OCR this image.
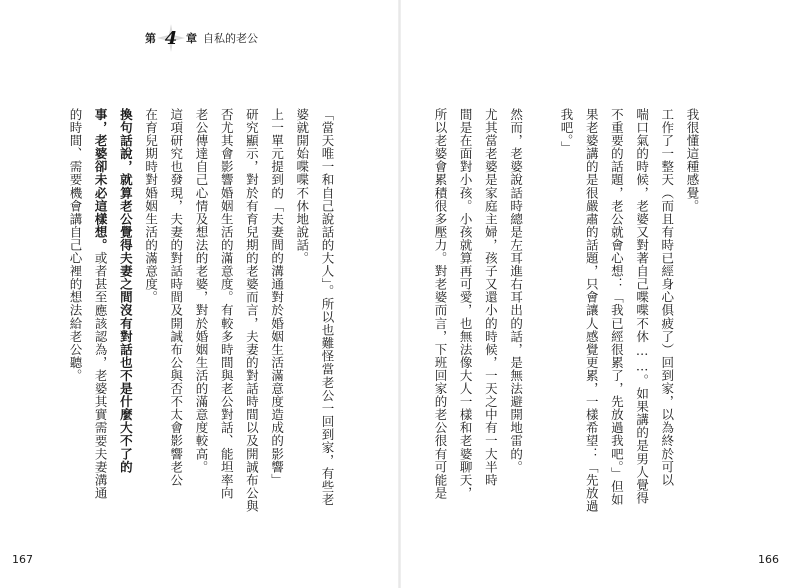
第 4 章 自私的老公

我很懂這種感覺。

工作了一整天（而且有時已經身心俱疲了）回到家，以為終於可以

喘口氣的時候，老婆又對著自己喋喋不休……。如果講的是男人覺得

不重要的話題，老公就會心想：「我已經很累了，先放過我吧。」但如

果老婆講的是很嚴肅的話題，只會讓人感覺更累，一樣希望：「先放過

我吧。」

然而，老婆說話時總是左耳進右耳出的話，是無法避開地雷的。

尤其當老婆是家庭主婦，孩子又還小的時候，一天之中有一大半時

間是在面對小孩。小孩就算再可愛，也無法像大人一樣和老婆聊天，

所以老婆會累積很多壓力。對老婆而言，下班回家的老公很有可能是

「當天唯一和自己說話的大人」。所以也難怪當老公一回到家，有些老

婆就開始喋喋不休地說話。

上一單元提到的「夫妻間的溝通對於婚姻生活滿意度造成的影響」

研究顯示，對於有育兒期的老婆而言，夫妻的對話時間以及開誠布公與

否尤其會影響婚姻生活的滿意度。有較多時間與老公對話、能坦率向

老公傳達自己心情及想法的老婆，對於婚姻生活的滿意度較高。

這項研究也發現，夫妻的對話時間及開誠布公與否不太會影響老公

在育兒期時對婚姻生活的滿意度。

換句話說，就算老公覺得夫妻之間沒有對話也不是什麼大不了的

事，老婆卻未必這樣想。或者甚至應該認為，老婆其實需要夫妻溝通

的時間、需要機會講自己心裡的想法給老公聽。

167	166
